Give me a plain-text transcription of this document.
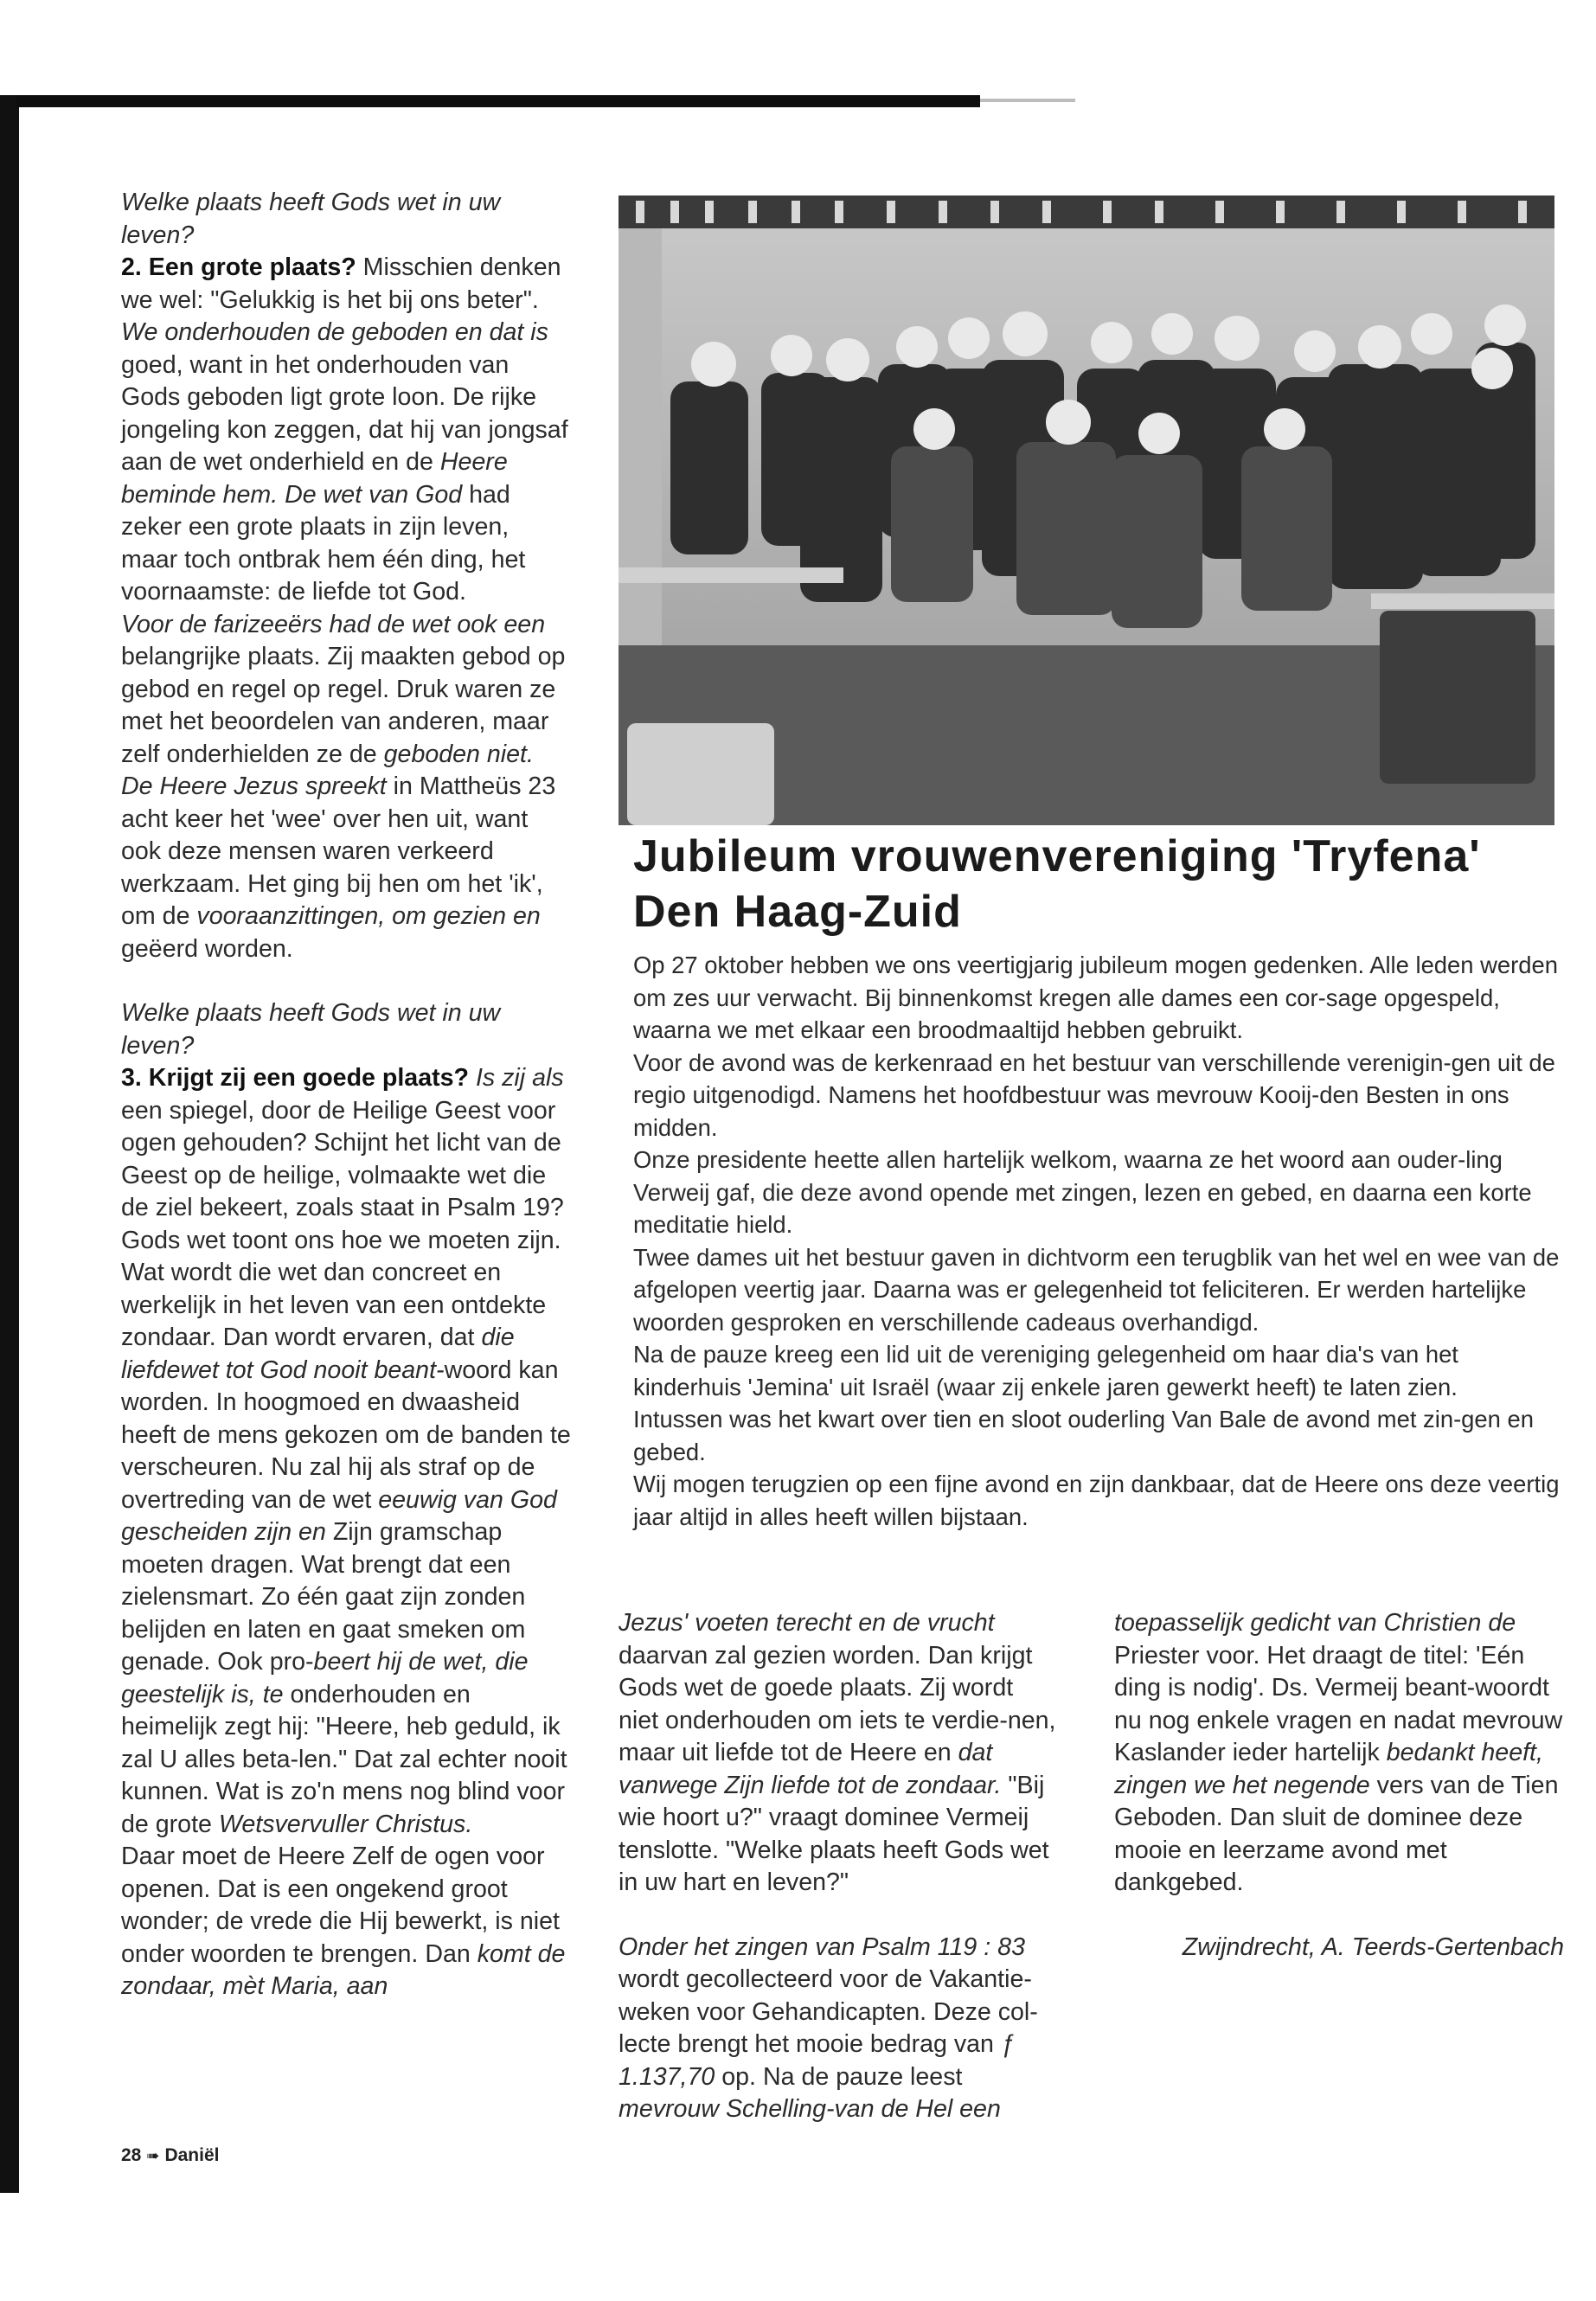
Welke plaats heeft Gods wet in uw leven?

2. Een grote plaats? Misschien denken we wel: "Gelukkig is het bij ons beter". We onderhouden de geboden en dat is goed, want in het onderhouden van Gods geboden ligt grote loon. De rijke jongeling kon zeggen, dat hij van jongsaf aan de wet onderhield en de Heere beminde hem. De wet van God had zeker een grote plaats in zijn leven, maar toch ontbrak hem één ding, het voornaamste: de liefde tot God.

Voor de farizeeërs had de wet ook een belangrijke plaats. Zij maakten gebod op gebod en regel op regel. Druk waren ze met het beoordelen van anderen, maar zelf onderhielden ze de geboden niet. De Heere Jezus spreekt in Mattheüs 23 acht keer het 'wee' over hen uit, want ook deze mensen waren verkeerd werkzaam. Het ging bij hen om het 'ik', om de vooraanzittingen, om gezien en geëerd worden.

Welke plaats heeft Gods wet in uw leven?

3. Krijgt zij een goede plaats? Is zij als een spiegel, door de Heilige Geest voor ogen gehouden? Schijnt het licht van de Geest op de heilige, volmaakte wet die de ziel bekeert, zoals staat in Psalm 19?

Gods wet toont ons hoe we moeten zijn. Wat wordt die wet dan concreet en werkelijk in het leven van een ontdekte zondaar. Dan wordt ervaren, dat die liefdewet tot God nooit beant-woord kan worden. In hoogmoed en dwaasheid heeft de mens gekozen om de banden te verscheuren. Nu zal hij als straf op de overtreding van de wet eeuwig van God gescheiden zijn en Zijn gramschap moeten dragen. Wat brengt dat een zielensmart. Zo één gaat zijn zonden belijden en laten en gaat smeken om genade. Ook pro-beert hij de wet, die geestelijk is, te onderhouden en heimelijk zegt hij: "Heere, heb geduld, ik zal U alles beta-len." Dat zal echter nooit kunnen. Wat is zo'n mens nog blind voor de grote Wetsvervuller Christus.

Daar moet de Heere Zelf de ogen voor openen. Dat is een ongekend groot wonder; de vrede die Hij bewerkt, is niet onder woorden te brengen. Dan komt de zondaar, mèt Maria, aan

Jubileum vrouwenvereniging 'Tryfena'
Den Haag-Zuid

Op 27 oktober hebben we ons veertigjarig jubileum mogen gedenken. Alle leden werden om zes uur verwacht. Bij binnenkomst kregen alle dames een cor-sage opgespeld, waarna we met elkaar een broodmaaltijd hebben gebruikt.

Voor de avond was de kerkenraad en het bestuur van verschillende verenigin-gen uit de regio uitgenodigd. Namens het hoofdbestuur was mevrouw Kooij-den Besten in ons midden.

Onze presidente heette allen hartelijk welkom, waarna ze het woord aan ouder-ling Verweij gaf, die deze avond opende met zingen, lezen en gebed, en daarna een korte meditatie hield.

Twee dames uit het bestuur gaven in dichtvorm een terugblik van het wel en wee van de afgelopen veertig jaar. Daarna was er gelegenheid tot feliciteren. Er werden hartelijke woorden gesproken en verschillende cadeaus overhandigd.

Na de pauze kreeg een lid uit de vereniging gelegenheid om haar dia's van het kinderhuis 'Jemina' uit Israël (waar zij enkele jaren gewerkt heeft) te laten zien.

Intussen was het kwart over tien en sloot ouderling Van Bale de avond met zin-gen en gebed.

Wij mogen terugzien op een fijne avond en zijn dankbaar, dat de Heere ons deze veertig jaar altijd in alles heeft willen bijstaan.

Jezus' voeten terecht en de vrucht daarvan zal gezien worden. Dan krijgt Gods wet de goede plaats. Zij wordt niet onderhouden om iets te verdie-nen, maar uit liefde tot de Heere en dat vanwege Zijn liefde tot de zondaar. "Bij wie hoort u?" vraagt dominee Vermeij tenslotte. "Welke plaats heeft Gods wet in uw hart en leven?"

Onder het zingen van Psalm 119 : 83 wordt gecollecteerd voor de Vakantie-weken voor Gehandicapten. Deze col-lecte brengt het mooie bedrag van ƒ 1.137,70 op. Na de pauze leest mevrouw Schelling-van de Hel een

toepasselijk gedicht van Christien de Priester voor. Het draagt de titel: 'Eén ding is nodig'. Ds. Vermeij beant-woordt nu nog enkele vragen en nadat mevrouw Kaslander ieder hartelijk bedankt heeft, zingen we het negende vers van de Tien Geboden. Dan sluit de dominee deze mooie en leerzame avond met dankgebed.

Zwijndrecht, A. Teerds-Gertenbach

28 ➠ Daniël
